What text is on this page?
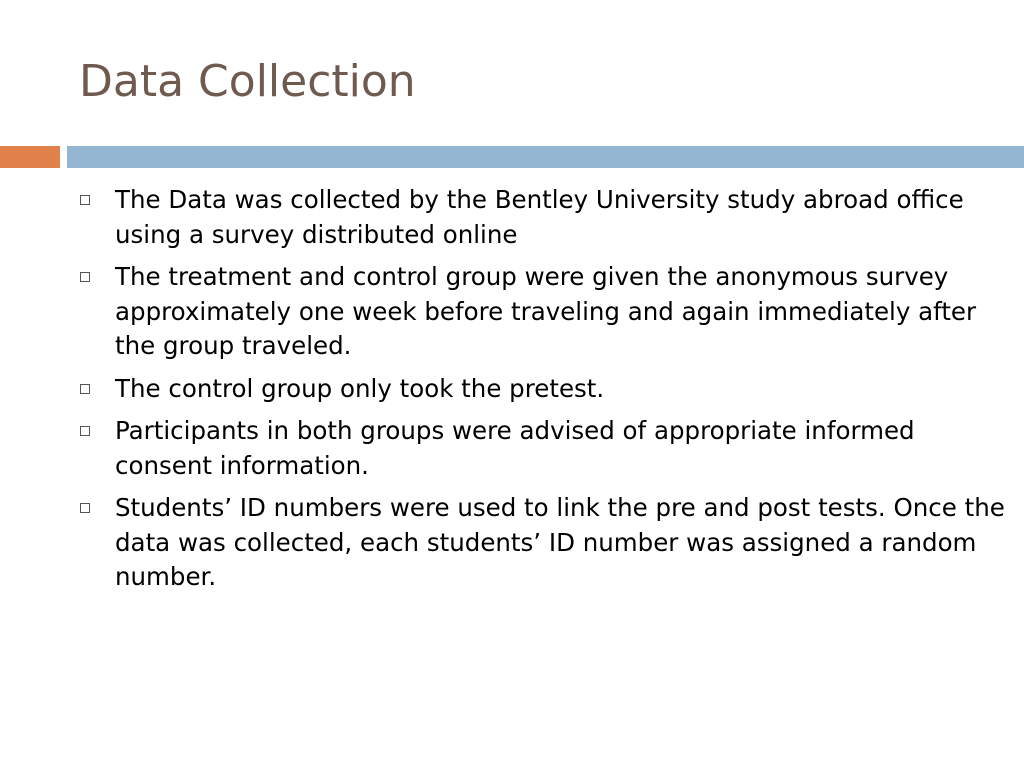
Data Collection
The Data was collected by the Bentley University study abroad office using a survey distributed online
The treatment and control group were given the anonymous survey approximately one week before traveling and again immediately after the group traveled.
The control group only took the pretest.
Participants in both groups were advised of appropriate informed consent information.
Students’ ID numbers were used to link the pre and post tests. Once the data was collected, each students’ ID number was assigned a random number.
